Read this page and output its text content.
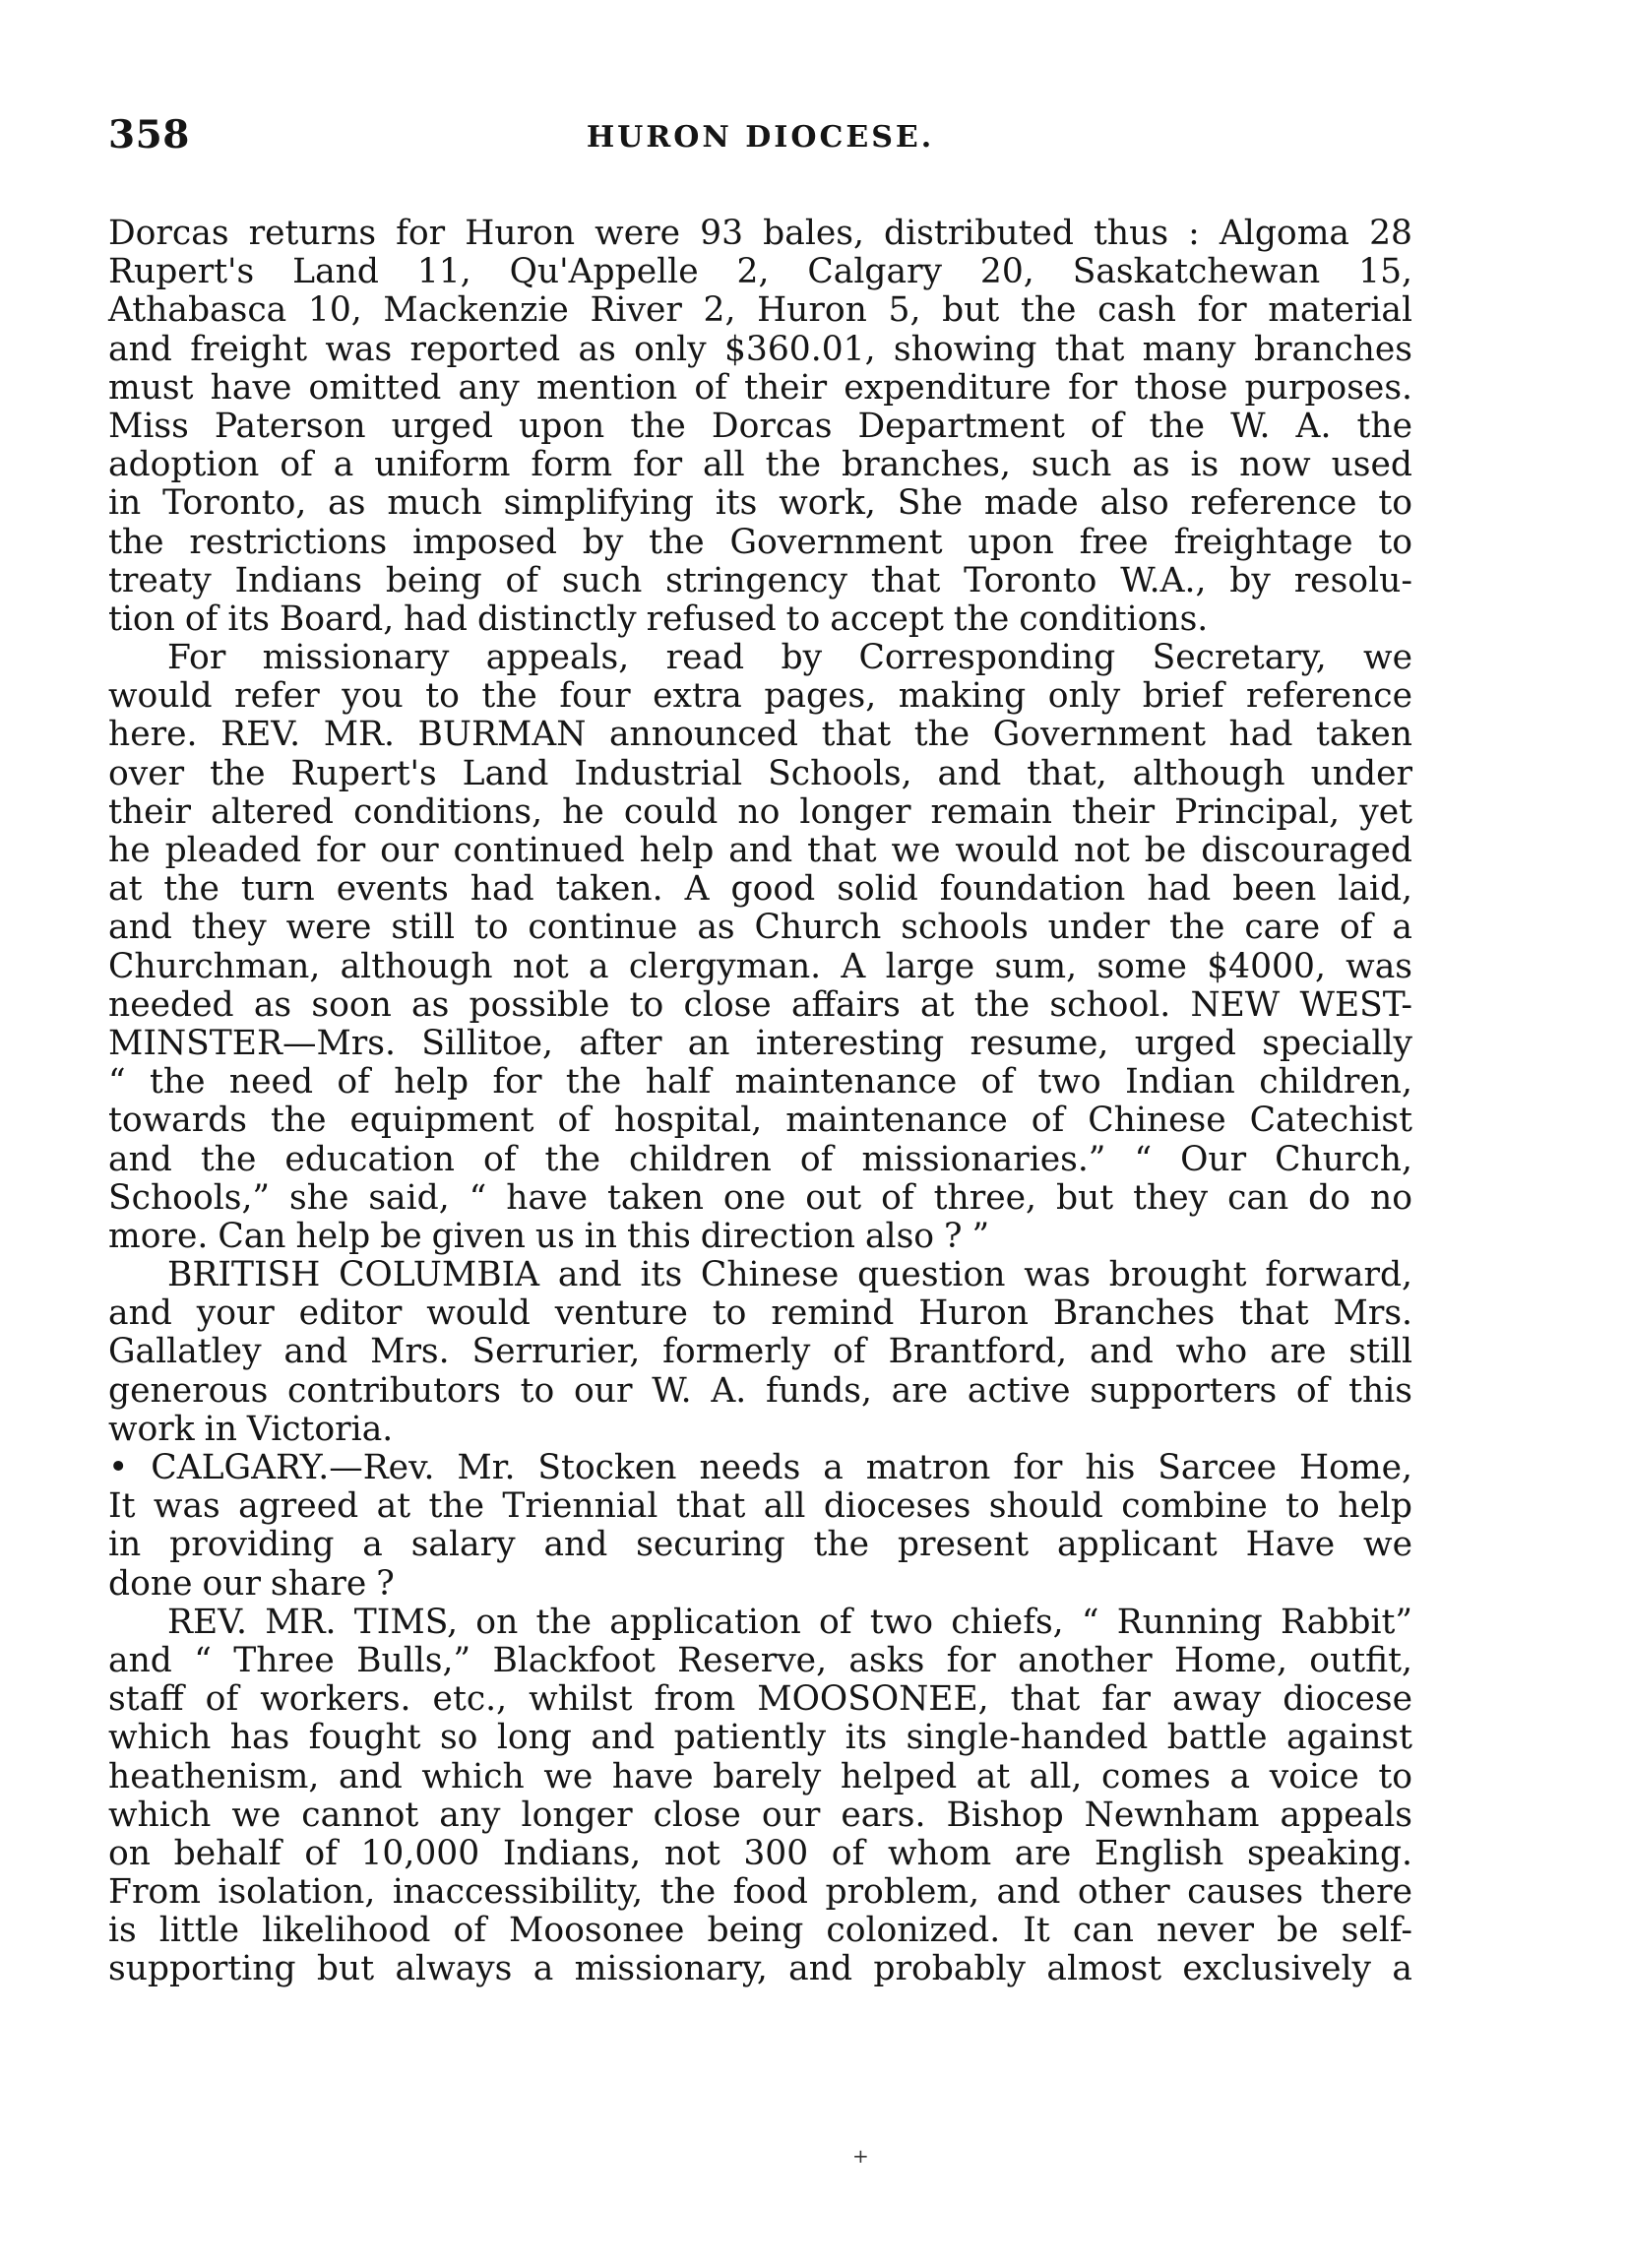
358	HURON DIOCESE.
Dorcas returns for Huron were 93 bales, distributed thus : Algoma 28
Rupert's Land 11, Qu'Appelle 2, Calgary 20, Saskatchewan 15,
Athabasca 10, Mackenzie River 2, Huron 5, but the cash for material
and freight was reported as only $360.01, showing that many branches
must have omitted any mention of their expenditure for those purposes.
Miss Paterson urged upon the Dorcas Department of the W. A. the
adoption of a uniform form for all the branches, such as is now used
in Toronto, as much simplifying its work, She made also reference to
the restrictions imposed by the Government upon free freightage to
treaty Indians being of such stringency that Toronto W.A., by resolu-
tion of its Board, had distinctly refused to accept the conditions.
For missionary appeals, read by Corresponding Secretary, we
would refer you to the four extra pages, making only brief reference
here. REV. MR. BURMAN announced that the Government had taken
over the Rupert's Land Industrial Schools, and that, although under
their altered conditions, he could no longer remain their Principal, yet
he pleaded for our continued help and that we would not be discouraged
at the turn events had taken. A good solid foundation had been laid,
and they were still to continue as Church schools under the care of a
Churchman, although not a clergyman. A large sum, some $4000, was
needed as soon as possible to close affairs at the school. NEW WEST-
MINSTER—Mrs. Sillitoe, after an interesting resume, urged specially
“ the need of help for the half maintenance of two Indian children,
towards the equipment of hospital, maintenance of Chinese Catechist
and the education of the children of missionaries.” “ Our Church,
Schools,” she said, “ have taken one out of three, but they can do no
more. Can help be given us in this direction also ? ”
BRITISH COLUMBIA and its Chinese question was brought forward,
and your editor would venture to remind Huron Branches that Mrs.
Gallatley and Mrs. Serrurier, formerly of Brantford, and who are still
generous contributors to our W. A. funds, are active supporters of this
work in Victoria.
• CALGARY.—Rev. Mr. Stocken needs a matron for his Sarcee Home,
It was agreed at the Triennial that all dioceses should combine to help
in providing a salary and securing the present applicant Have we
done our share ?
REV. MR. TIMS, on the application of two chiefs, “ Running Rabbit”
and “ Three Bulls,” Blackfoot Reserve, asks for another Home, outfit,
staff of workers. etc., whilst from MOOSONEE, that far away diocese
which has fought so long and patiently its single-handed battle against
heathenism, and which we have barely helped at all, comes a voice to
which we cannot any longer close our ears. Bishop Newnham appeals
on behalf of 10,000 Indians, not 300 of whom are English speaking.
From isolation, inaccessibility, the food problem, and other causes there
is little likelihood of Moosonee being colonized. It can never be self-
supporting but always a missionary, and probably almost exclusively a
+
